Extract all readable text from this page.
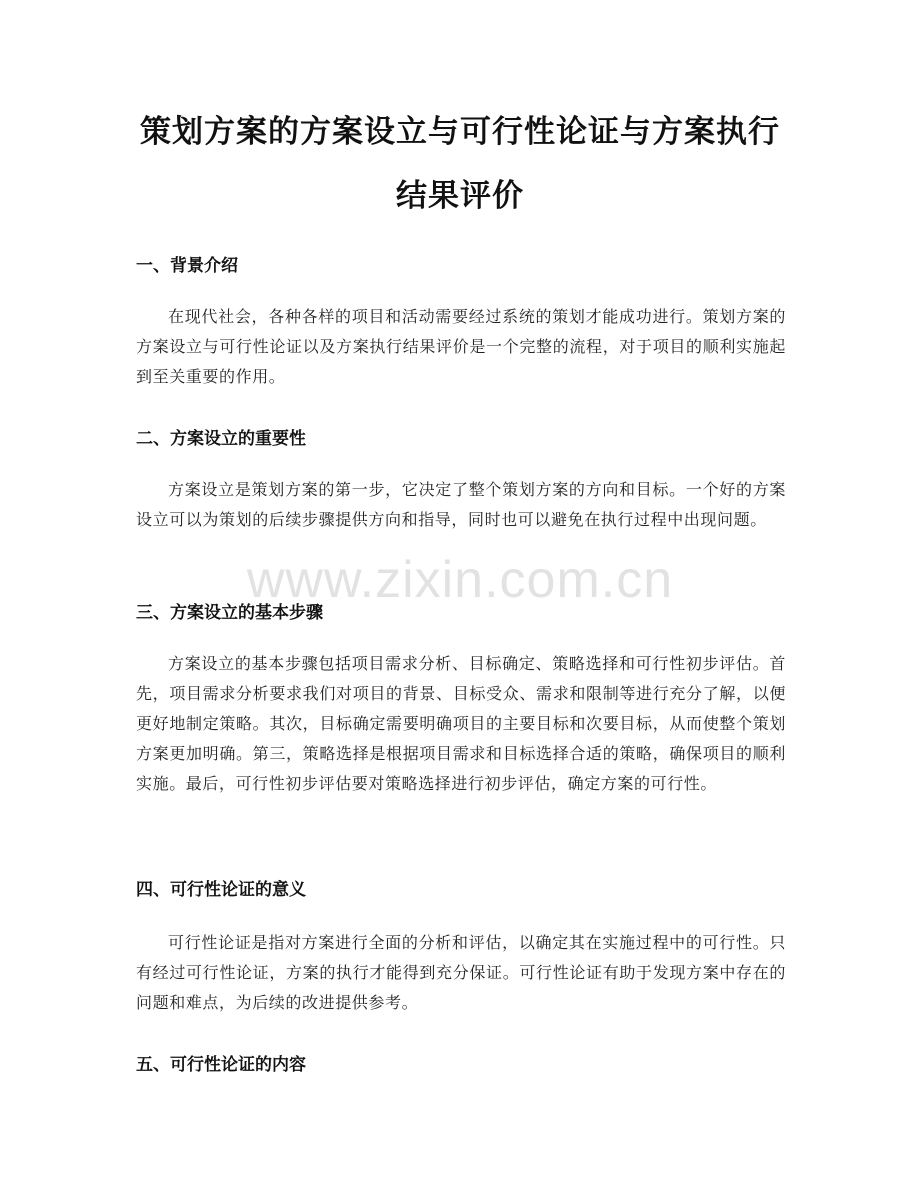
策划方案的方案设立与可行性论证与方案执行结果评价
一、背景介绍

在现代社会，各种各样的项目和活动需要经过系统的策划才能成功进行。策划方案的方案设立与可行性论证以及方案执行结果评价是一个完整的流程，对于项目的顺利实施起到至关重要的作用。

二、方案设立的重要性

方案设立是策划方案的第一步，它决定了整个策划方案的方向和目标。一个好的方案设立可以为策划的后续步骤提供方向和指导，同时也可以避免在执行过程中出现问题。

三、方案设立的基本步骤

方案设立的基本步骤包括项目需求分析、目标确定、策略选择和可行性初步评估。首先，项目需求分析要求我们对项目的背景、目标受众、需求和限制等进行充分了解，以便更好地制定策略。其次，目标确定需要明确项目的主要目标和次要目标，从而使整个策划方案更加明确。第三，策略选择是根据项目需求和目标选择合适的策略，确保项目的顺利实施。最后，可行性初步评估要对策略选择进行初步评估，确定方案的可行性。

四、可行性论证的意义

可行性论证是指对方案进行全面的分析和评估，以确定其在实施过程中的可行性。只有经过可行性论证，方案的执行才能得到充分保证。可行性论证有助于发现方案中存在的问题和难点，为后续的改进提供参考。

五、可行性论证的内容
www.zixin.com.cn
